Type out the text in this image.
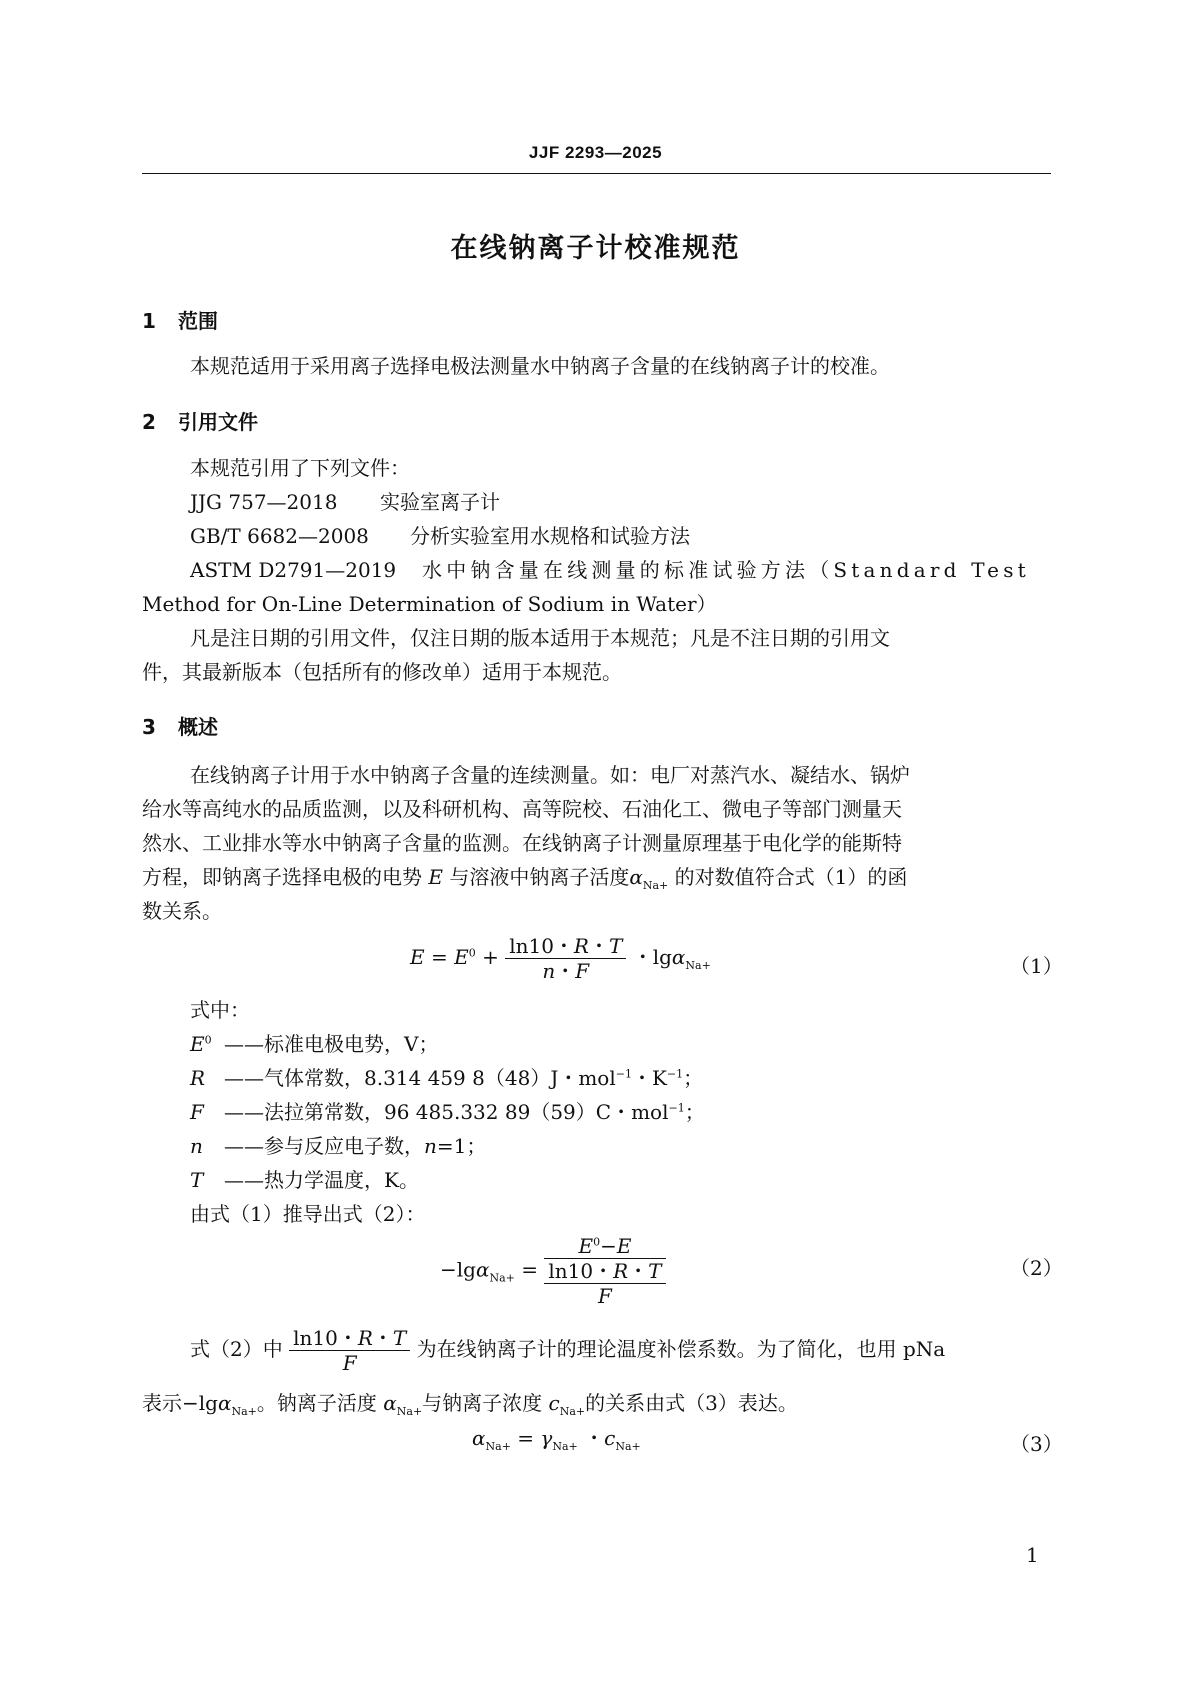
JJF 2293—2025
在线钠离子计校准规范
1 范围
本规范适用于采用离子选择电极法测量水中钠离子含量的在线钠离子计的校准。
2 引用文件
本规范引用了下列文件：
JJG 757—2018 实验室离子计
GB/T 6682—2008 分析实验室用水规格和试验方法
ASTM D2791—2019 水中钠含量在线测量的标准试验方法（Standard Test
Method for On-Line Determination of Sodium in Water）
凡是注日期的引用文件，仅注日期的版本适用于本规范；凡是不注日期的引用文
件，其最新版本（包括所有的修改单）适用于本规范。
3 概述
在线钠离子计用于水中钠离子含量的连续测量。如：电厂对蒸汽水、凝结水、锅炉
给水等高纯水的品质监测，以及科研机构、高等院校、石油化工、微电子等部门测量天
然水、工业排水等水中钠离子含量的监测。在线钠离子计测量原理基于电化学的能斯特
方程，即钠离子选择电极的电势 E 与溶液中钠离子活度$\alpha_{Na+}$ 的对数值符合式（1）的函
数关系。
$E = E^0 + \frac{\ln 10・R・T}{n・F}$ ・lgα$_{Na+}$	（1）
式中：
$E^0$ ——标准电极电势，V；
R ——气体常数，8.314 459 8（48）J・mol$^{-1}$・$K^{-1}$；
F ——法拉第常数，96 485.332 89（59）C・mol$^{-1}$；
n ——参与反应电子数，n=1；
T ——热力学温度，K。
由式（1）推导出式（2）：
$-\lg\alpha_{Na+} = \frac{E^0-E}{\frac{\ln 10・R・T}{F}}$	（2）
式（2）中 $\frac{\ln 10・R・T}{F}$ 为在线钠离子计的理论温度补偿系数。为了简化，也用 pNa
表示−lgα$_{Na+}$。钠离子活度 $\alpha_{Na+}$与钠离子浓度 $c_{Na+}$的关系由式（3）表达。
$\alpha_{Na+} = \gamma_{Na+}$ ・$c_{Na+}$	（3）
1
